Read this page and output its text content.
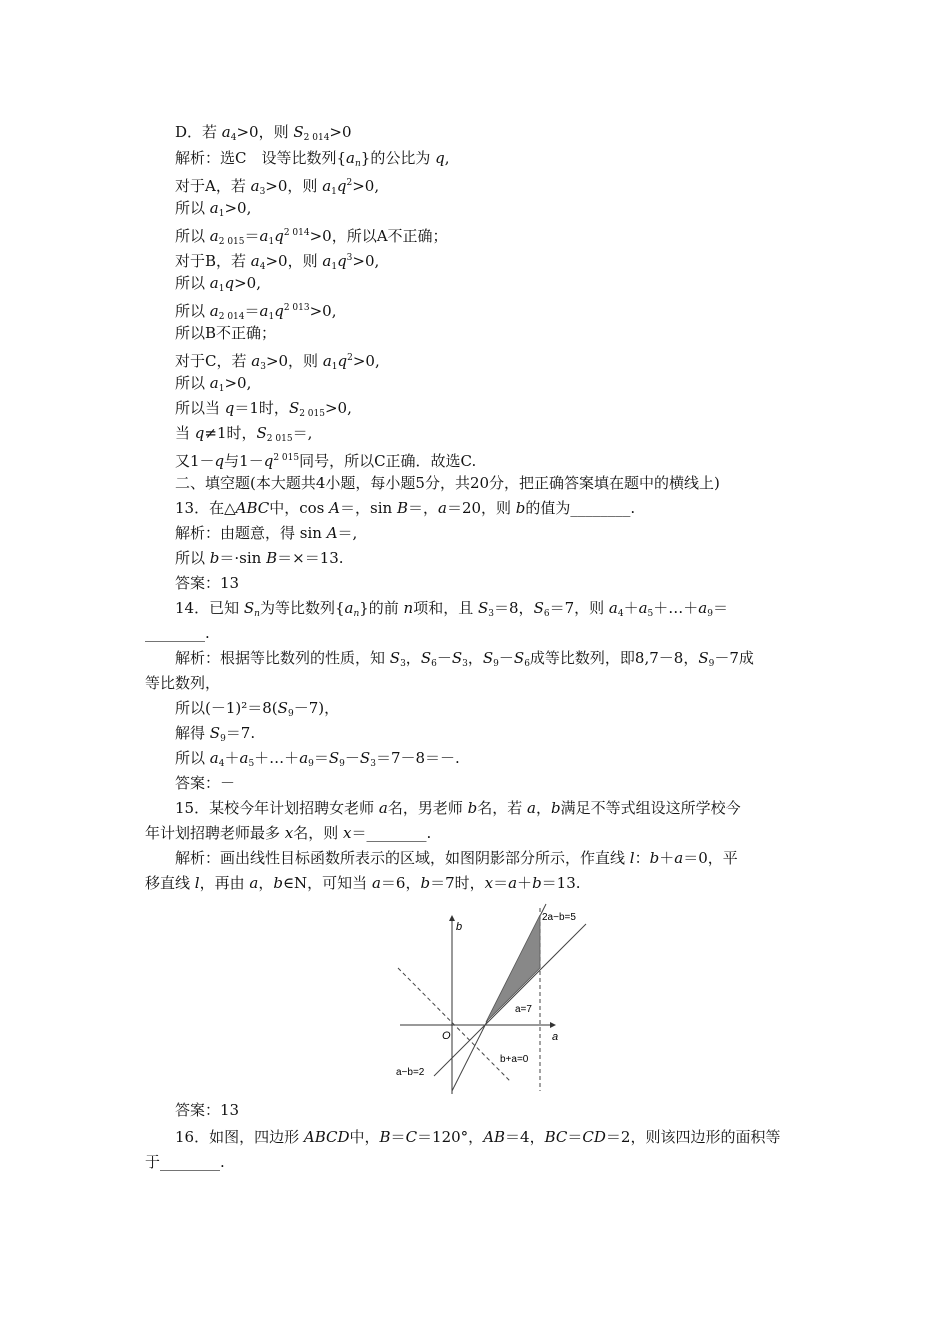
D．若 $a_4>0$，则 $S_{2 014}>0$
解析：选C　设等比数列$\{a_n\}$的公比为 q,
对于A，若 $a_3>0$，则 $a_1q^2>0$,
所以 $a_1>0$,
所以 $a_{2 015}=a_1q^{2 014}>0$，所以A不正确；
对于B，若 $a_4>0$，则 $a_1q^3>0$,
所以 $a_1q>0$,
所以 $a_{2 014}=a_1q^{2 013}>0$,
所以B不正确；
对于C，若 $a_3>0$，则 $a_1q^2>0$,
所以 $a_1>0$,
所以当 q＝1时，$S_{2 015}>0$,
当 q≠1时，$S_{2 015}=$,
又1－q与$1-q^{2 015}$同号，所以C正确．故选C.
二、填空题(本大题共4小题，每小题5分，共20分，把正确答案填在题中的横线上)
13．在△ABC中，cos A＝，sin B＝，a＝20，则 b的值为________.
解析：由题意，得 sin A＝,
所以 b＝·sin B＝×＝13.
答案：13
14．已知 $S_n$为等比数列$\{a_n\}$的前 n项和，且 $S_3=8$，$S_6=7$，则 $a_4+a_5+\dots+a_9=$
________.
解析：根据等比数列的性质，知 $S_3$，$S_6-S_3$，$S_9-S_6$成等比数列，即8,7－8，$S_9-7$成
等比数列，
所以$(-1)^2=8(S_9-7)$，
解得 $S_9=7$.
所以 $a_4+a_5+\dots+a_9=S_9-S_3=7-8=-$.
答案：－
15．某校今年计划招聘女老师 a名，男老师 b名，若 a，b满足不等式组设这所学校今
年计划招聘老师最多 x名，则 x＝________.
解析：画出线性目标函数所表示的区域，如图阴影部分所示，作直线 l：b＋a＝0，平
移直线 l，再由 a，b∈N，可知当 a＝6，b＝7时，x＝a＋b＝13.
b
a
O
2a−b=5
a=7
a−b=2
b+a=0
答案：13
16．如图，四边形 ABCD中，B＝C＝120°，AB＝4，BC＝CD＝2，则该四边形的面积等
于________.
